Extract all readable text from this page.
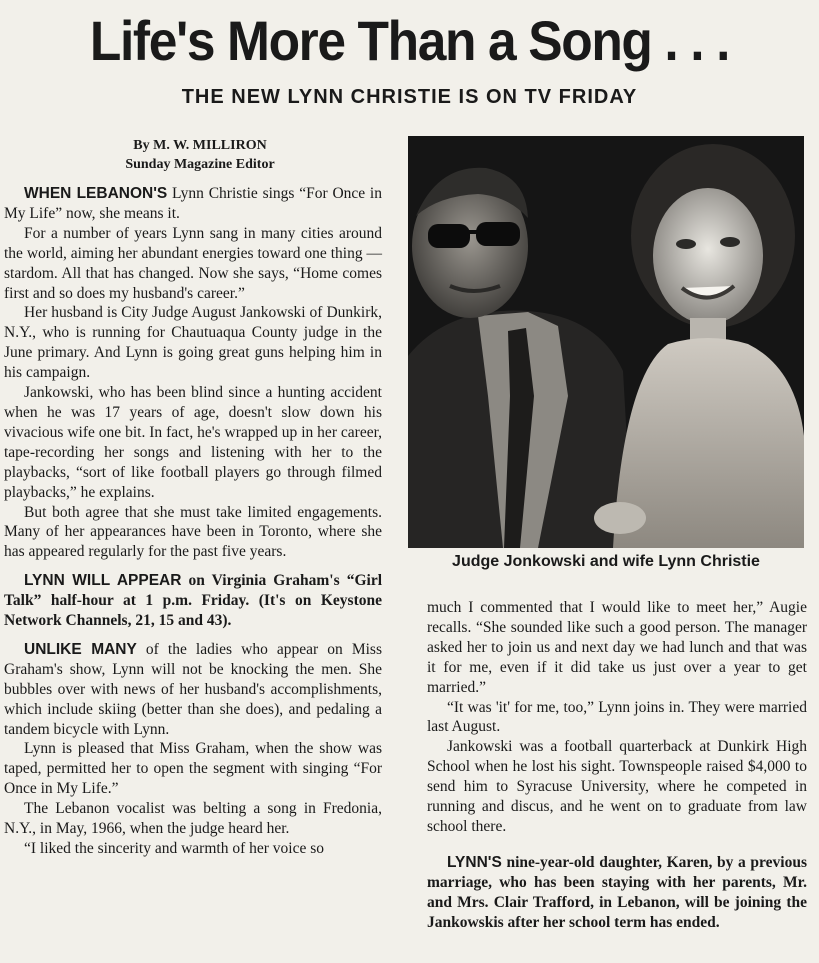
Life's More Than a Song . . .
THE NEW LYNN CHRISTIE IS ON TV FRIDAY
By M. W. MILLIRON
Sunday Magazine Editor

WHEN LEBANON'S Lynn Christie sings “For Once in My Life” now, she means it.

For a number of years Lynn sang in many cities around the world, aiming her abundant energies toward one thing — stardom. All that has changed. Now she says, “Home comes first and so does my husband's career.”

Her husband is City Judge August Jankowski of Dunkirk, N.Y., who is running for Chautuaqua County judge in the June primary. And Lynn is going great guns helping him in his campaign.

Jankowski, who has been blind since a hunting accident when he was 17 years of age, doesn't slow down his vivacious wife one bit. In fact, he's wrapped up in her career, tape-recording her songs and listening with her to the playbacks, “sort of like football players go through filmed playbacks,” he explains.

But both agree that she must take limited engagements. Many of her appearances have been in Toronto, where she has appeared regularly for the past five years.

LYNN WILL APPEAR on Virginia Graham's “Girl Talk” half-hour at 1 p.m. Friday. (It's on Keystone Network Channels, 21, 15 and 43).

UNLIKE MANY of the ladies who appear on Miss Graham's show, Lynn will not be knocking the men. She bubbles over with news of her husband's accomplishments, which include skiing (better than she does), and pedaling a tandem bicycle with Lynn.

Lynn is pleased that Miss Graham, when the show was taped, permitted her to open the segment with singing “For Once in My Life.”

The Lebanon vocalist was belting a song in Fredonia, N.Y., in May, 1966, when the judge heard her.

“I liked the sincerity and warmth of her voice so

Judge Jonkowski and wife Lynn Christie

much I commented that I would like to meet her,” Augie recalls. “She sounded like such a good person. The manager asked her to join us and next day we had lunch and that was it for me, even if it did take us just over a year to get married.”

“It was 'it' for me, too,” Lynn joins in. They were married last August.

Jankowski was a football quarterback at Dunkirk High School when he lost his sight. Townspeople raised $4,000 to send him to Syracuse University, where he competed in running and discus, and he went on to graduate from law school there.

LYNN'S nine-year-old daughter, Karen, by a previous marriage, who has been staying with her parents, Mr. and Mrs. Clair Trafford, in Lebanon, will be joining the Jankowskis after her school term has ended.
